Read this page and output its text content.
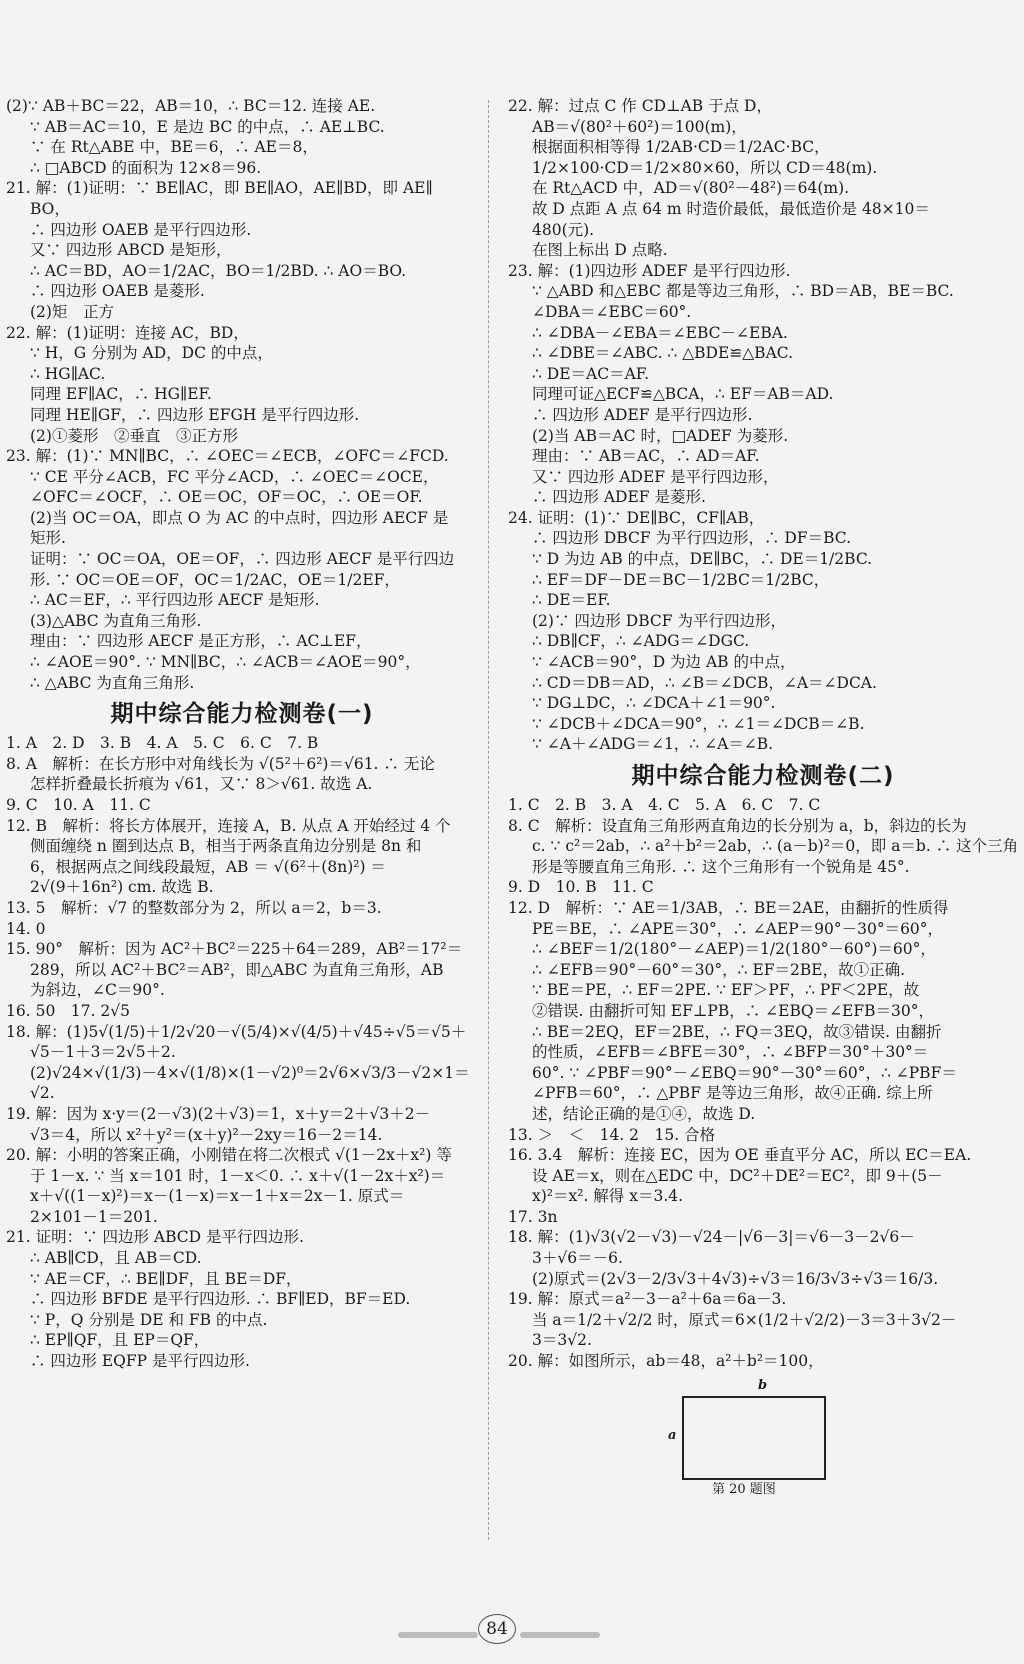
(2)∵ AB＋BC＝22，AB＝10，∴ BC＝12. 连接 AE.
∵ AB＝AC＝10，E 是边 BC 的中点，∴ AE⊥BC.
∵ 在 Rt△ABE 中，BE＝6，∴ AE＝8，
∴ □ABCD 的面积为 12×8＝96.
21. 解：(1)证明：∵ BE∥AC，即 BE∥AO，AE∥BD，即 AE∥
BO，
∴ 四边形 OAEB 是平行四边形.
又∵ 四边形 ABCD 是矩形，
∴ AC＝BD，AO＝1/2AC，BO＝1/2BD. ∴ AO＝BO.
∴ 四边形 OAEB 是菱形.
(2)矩　正方
22. 解：(1)证明：连接 AC，BD，
∵ H，G 分别为 AD，DC 的中点，
∴ HG∥AC.
同理 EF∥AC，∴ HG∥EF.
同理 HE∥GF，∴ 四边形 EFGH 是平行四边形.
(2)①菱形　②垂直　③正方形
23. 解：(1)∵ MN∥BC，∴ ∠OEC＝∠ECB，∠OFC＝∠FCD.
∵ CE 平分∠ACB，FC 平分∠ACD，∴ ∠OEC＝∠OCE，
∠OFC＝∠OCF，∴ OE＝OC，OF＝OC，∴ OE＝OF.
(2)当 OC＝OA，即点 O 为 AC 的中点时，四边形 AECF 是
矩形.
证明：∵ OC＝OA，OE＝OF，∴ 四边形 AECF 是平行四边
形. ∵ OC＝OE＝OF，OC＝1/2AC，OE＝1/2EF，
∴ AC＝EF，∴ 平行四边形 AECF 是矩形.
(3)△ABC 为直角三角形.
理由：∵ 四边形 AECF 是正方形，∴ AC⊥EF，
∴ ∠AOE＝90°. ∵ MN∥BC，∴ ∠ACB＝∠AOE＝90°，
∴ △ABC 为直角三角形.
期中综合能力检测卷(一)
1. A　2. D　3. B　4. A　5. C　6. C　7. B
8. A　解析：在长方形中对角线长为 √(5²＋6²)＝√61. ∴ 无论
怎样折叠最长折痕为 √61，又∵ 8＞√61. 故选 A.
9. C　10. A　11. C
12. B　解析：将长方体展开，连接 A，B. 从点 A 开始经过 4 个
侧面缠绕 n 圈到达点 B，相当于两条直角边分别是 8n 和
6，根据两点之间线段最短，AB ＝ √(6²＋(8n)²) ＝
2√(9＋16n²) cm. 故选 B.
13. 5　解析：√7 的整数部分为 2，所以 a＝2，b＝3.
14. 0
15. 90°　解析：因为 AC²＋BC²＝225＋64＝289，AB²＝17²＝
289，所以 AC²＋BC²＝AB²，即△ABC 为直角三角形，AB
为斜边，∠C＝90°.
16. 50　17. 2√5
18. 解：(1)5√(1/5)＋1/2√20－√(5/4)×√(4/5)＋√45÷√5＝√5＋
√5－1＋3＝2√5＋2.
(2)√24×√(1/3)－4×√(1/8)×(1－√2)⁰＝2√6×√3/3－√2×1＝
√2.
19. 解：因为 x·y＝(2－√3)(2＋√3)＝1，x＋y＝2＋√3＋2－
√3＝4，所以 x²＋y²＝(x＋y)²－2xy＝16－2＝14.
20. 解：小明的答案正确，小刚错在将二次根式 √(1－2x＋x²) 等
于 1－x. ∵ 当 x＝101 时，1－x＜0. ∴ x＋√(1－2x＋x²)＝
x＋√((1－x)²)＝x－(1－x)＝x－1＋x＝2x－1. 原式＝
2×101－1＝201.
21. 证明：∵ 四边形 ABCD 是平行四边形.
∴ AB∥CD，且 AB＝CD.
∵ AE＝CF，∴ BE∥DF，且 BE＝DF，
∴ 四边形 BFDE 是平行四边形. ∴ BF∥ED，BF＝ED.
∵ P，Q 分别是 DE 和 FB 的中点.
∴ EP∥QF，且 EP＝QF，
∴ 四边形 EQFP 是平行四边形.
22. 解：过点 C 作 CD⊥AB 于点 D，
AB＝√(80²＋60²)＝100(m)，
根据面积相等得 1/2AB·CD＝1/2AC·BC，
1/2×100·CD＝1/2×80×60，所以 CD＝48(m).
在 Rt△ACD 中，AD＝√(80²－48²)＝64(m).
故 D 点距 A 点 64 m 时造价最低，最低造价是 48×10＝
480(元).
在图上标出 D 点略.
23. 解：(1)四边形 ADEF 是平行四边形.
∵ △ABD 和△EBC 都是等边三角形，∴ BD＝AB，BE＝BC.
∠DBA＝∠EBC＝60°.
∴ ∠DBA－∠EBA＝∠EBC－∠EBA.
∴ ∠DBE＝∠ABC. ∴ △BDE≌△BAC.
∴ DE＝AC＝AF.
同理可证△ECF≌△BCA，∴ EF＝AB＝AD.
∴ 四边形 ADEF 是平行四边形.
(2)当 AB＝AC 时，□ADEF 为菱形.
理由：∵ AB＝AC，∴ AD＝AF.
又∵ 四边形 ADEF 是平行四边形，
∴ 四边形 ADEF 是菱形.
24. 证明：(1)∵ DE∥BC，CF∥AB，
∴ 四边形 DBCF 为平行四边形，∴ DF＝BC.
∵ D 为边 AB 的中点，DE∥BC，∴ DE＝1/2BC.
∴ EF＝DF－DE＝BC－1/2BC＝1/2BC，
∴ DE＝EF.
(2)∵ 四边形 DBCF 为平行四边形，
∴ DB∥CF，∴ ∠ADG＝∠DGC.
∵ ∠ACB＝90°，D 为边 AB 的中点，
∴ CD＝DB＝AD，∴ ∠B＝∠DCB，∠A＝∠DCA.
∵ DG⊥DC，∴ ∠DCA＋∠1＝90°.
∵ ∠DCB＋∠DCA＝90°，∴ ∠1＝∠DCB＝∠B.
∵ ∠A＋∠ADG＝∠1，∴ ∠A＝∠B.
期中综合能力检测卷(二)
1. C　2. B　3. A　4. C　5. A　6. C　7. C
8. C　解析：设直角三角形两直角边的长分别为 a，b，斜边的长为
c. ∵ c²＝2ab，∴ a²＋b²＝2ab，∴ (a－b)²＝0，即 a＝b. ∴ 这个三角
形是等腰直角三角形. ∴ 这个三角形有一个锐角是 45°.
9. D　10. B　11. C
12. D　解析：∵ AE＝1/3AB，∴ BE＝2AE，由翻折的性质得
PE＝BE，∴ ∠APE＝30°，∴ ∠AEP＝90°－30°＝60°，
∴ ∠BEF＝1/2(180°－∠AEP)＝1/2(180°－60°)＝60°，
∴ ∠EFB＝90°－60°＝30°，∴ EF＝2BE，故①正确.
∵ BE＝PE，∴ EF＝2PE. ∵ EF＞PF，∴ PF＜2PE，故
②错误. 由翻折可知 EF⊥PB，∴ ∠EBQ＝∠EFB＝30°，
∴ BE＝2EQ，EF＝2BE，∴ FQ＝3EQ，故③错误. 由翻折
的性质，∠EFB＝∠BFE＝30°，∴ ∠BFP＝30°＋30°＝
60°. ∵ ∠PBF＝90°－∠EBQ＝90°－30°＝60°，∴ ∠PBF＝
∠PFB＝60°，∴ △PBF 是等边三角形，故④正确. 综上所
述，结论正确的是①④，故选 D.
13. ＞　＜　14. 2　15. 合格
16. 3.4　解析：连接 EC，因为 OE 垂直平分 AC，所以 EC＝EA.
设 AE＝x，则在△EDC 中，DC²＋DE²＝EC²，即 9＋(5－
x)²＝x². 解得 x＝3.4.
17. 3n
18. 解：(1)√3(√2－√3)－√24－|√6－3|＝√6－3－2√6－
3＋√6＝－6.
(2)原式＝(2√3－2/3√3＋4√3)÷√3＝16/3√3÷√3＝16/3.
19. 解：原式＝a²－3－a²＋6a＝6a－3.
当 a＝1/2＋√2/2 时，原式＝6×(1/2＋√2/2)－3＝3＋3√2－
3＝3√2.
20. 解：如图所示，ab＝48，a²＋b²＝100，
b
a
第 20 题图
84
